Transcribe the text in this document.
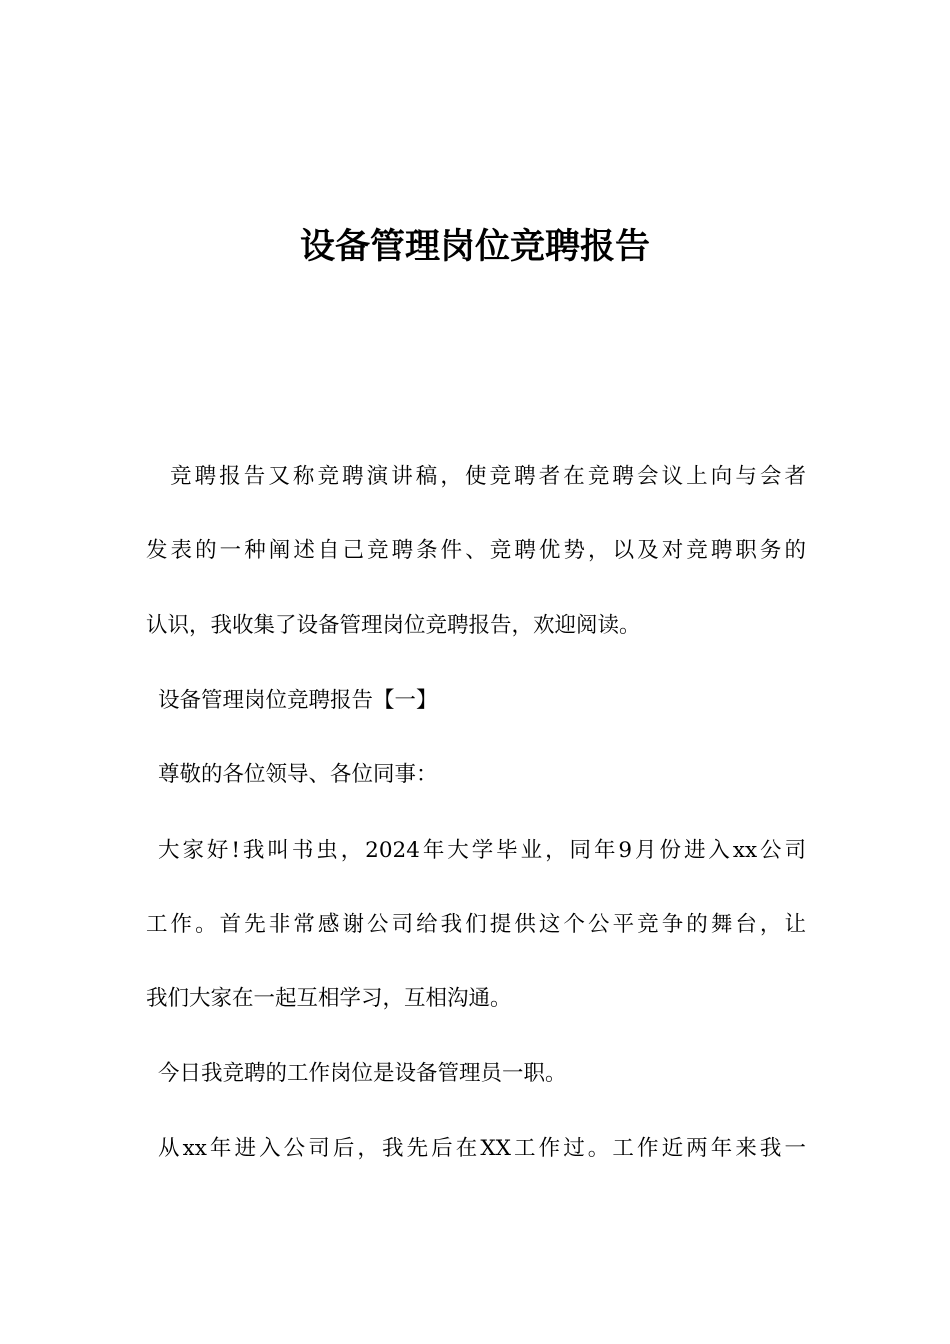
设备管理岗位竞聘报告
竞聘报告又称竞聘演讲稿，使竞聘者在竞聘会议上向与会者
发表的一种阐述自己竞聘条件、竞聘优势，以及对竞聘职务的
认识，我收集了设备管理岗位竞聘报告，欢迎阅读。
设备管理岗位竞聘报告【一】
尊敬的各位领导、各位同事：
大家好!我叫书虫，2024年大学毕业，同年9月份进入xx公司
工作。首先非常感谢公司给我们提供这个公平竞争的舞台，让
我们大家在一起互相学习，互相沟通。
今日我竞聘的工作岗位是设备管理员一职。
从xx年进入公司后，我先后在XX工作过。工作近两年来我一
